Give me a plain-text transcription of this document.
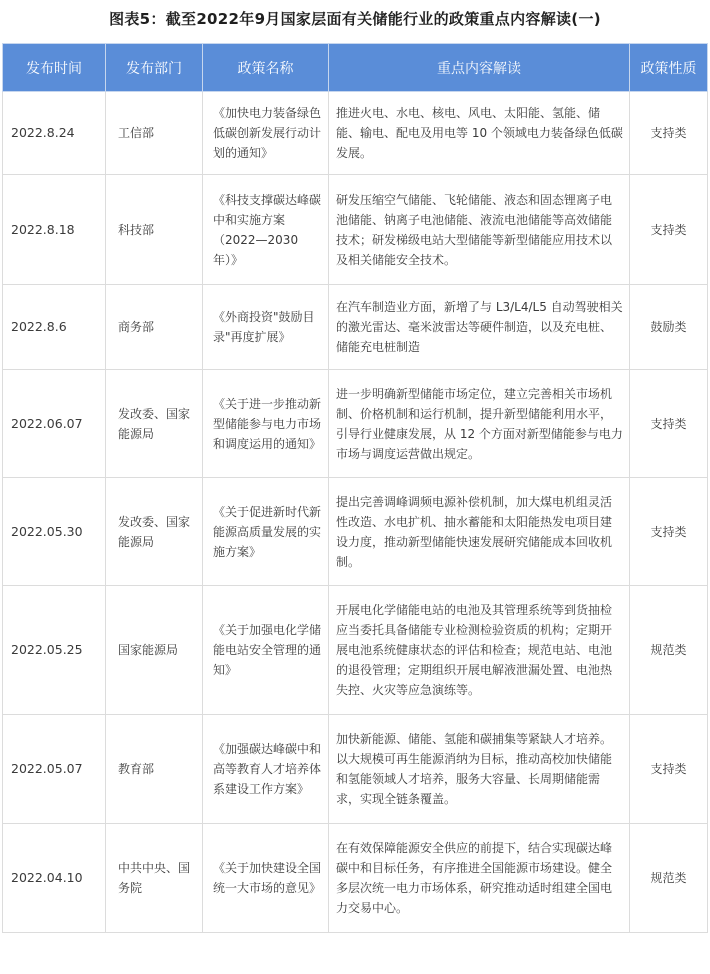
图表5：截至2022年9月国家层面有关储能行业的政策重点内容解读(一)
发布时间	发布部门	政策名称	重点内容解读	政策性质
2022.8.24	工信部	《加快电力装备绿色低碳创新发展行动计划的通知》	推进火电、水电、核电、风电、太阳能、氢能、储能、输电、配电及用电等 10 个领域电力装备绿色低碳发展。	支持类
2022.8.18	科技部	《科技支撑碳达峰碳中和实施方案（2022—2030年）》	研发压缩空气储能、飞轮储能、液态和固态锂离子电池储能、钠离子电池储能、液流电池储能等高效储能技术；研发梯级电站大型储能等新型储能应用技术以及相关储能安全技术。	支持类
2022.8.6	商务部	《外商投资"鼓励目录"再度扩展》	在汽车制造业方面，新增了与 L3/L4/L5 自动驾驶相关的激光雷达、毫米波雷达等硬件制造，以及充电桩、储能充电桩制造	鼓励类
2022.06.07	发改委、国家能源局	《关于进一步推动新型储能参与电力市场和调度运用的通知》	进一步明确新型储能市场定位，建立完善相关市场机制、价格机制和运行机制，提升新型储能利用水平，引导行业健康发展，从 12 个方面对新型储能参与电力市场与调度运营做出规定。	支持类
2022.05.30	发改委、国家能源局	《关于促进新时代新能源高质量发展的实施方案》	提出完善调峰调频电源补偿机制，加大煤电机组灵活性改造、水电扩机、抽水蓄能和太阳能热发电项目建设力度，推动新型储能快速发展研究储能成本回收机制。	支持类
2022.05.25	国家能源局	《关于加强电化学储能电站安全管理的通知》	开展电化学储能电站的电池及其管理系统等到货抽检应当委托具备储能专业检测检验资质的机构；定期开展电池系统健康状态的评估和检查；规范电站、电池的退役管理；定期组织开展电解液泄漏处置、电池热失控、火灾等应急演练等。	规范类
2022.05.07	教育部	《加强碳达峰碳中和高等教育人才培养体系建设工作方案》	加快新能源、储能、氢能和碳捕集等紧缺人才培养。以大规模可再生能源消纳为目标，推动高校加快储能和氢能领域人才培养，服务大容量、长周期储能需求，实现全链条覆盖。	支持类
2022.04.10	中共中央、国务院	《关于加快建设全国统一大市场的意见》	在有效保障能源安全供应的前提下，结合实现碳达峰碳中和目标任务，有序推进全国能源市场建设。健全多层次统一电力市场体系，研究推动适时组建全国电力交易中心。	规范类
